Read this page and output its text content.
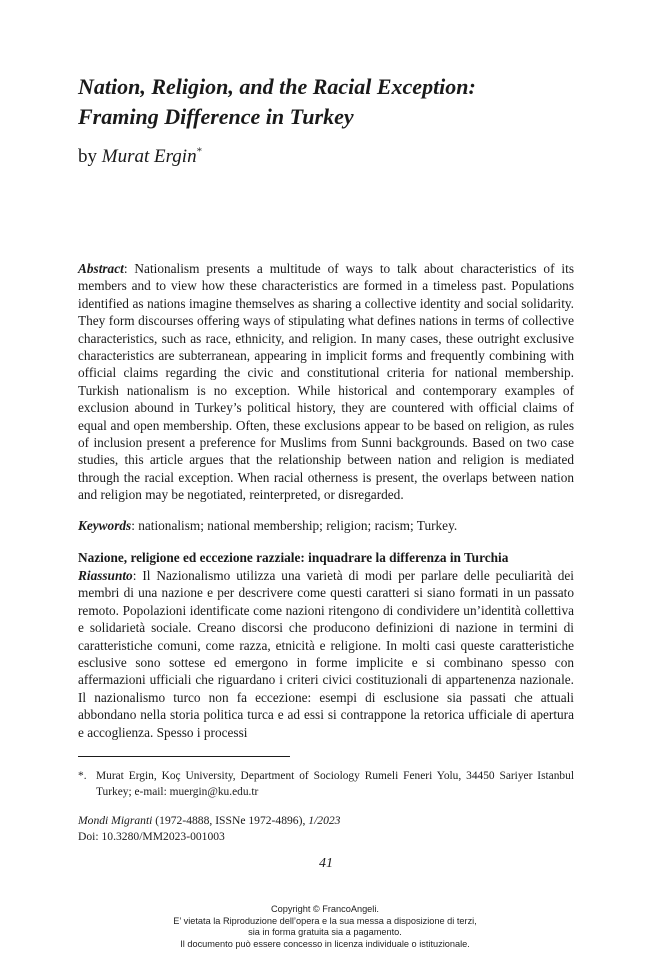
Nation, Religion, and the Racial Exception:
Framing Difference in Turkey
by Murat Ergin*

Abstract: Nationalism presents a multitude of ways to talk about characteristics of its members and to view how these characteristics are formed in a timeless past. Populations identified as nations imagine themselves as sharing a collective identity and social solidarity. They form discourses offering ways of stipulating what defines nations in terms of collective characteristics, such as race, ethnicity, and religion. In many cases, these outright exclusive characteristics are subterranean, appearing in implicit forms and frequently combining with official claims regarding the civic and constitutional criteria for national membership. Turkish nationalism is no exception. While historical and contemporary examples of exclusion abound in Turkey’s political history, they are countered with official claims of equal and open membership. Often, these exclusions appear to be based on religion, as rules of inclusion present a preference for Muslims from Sunni backgrounds. Based on two case studies, this article argues that the relationship between nation and religion is mediated through the racial exception. When racial otherness is present, the overlaps between nation and religion may be negotiated, reinterpreted, or disregarded.

Keywords: nationalism; national membership; religion; racism; Turkey.

Nazione, religione ed eccezione razziale: inquadrare la differenza in Turchia

Riassunto: Il Nazionalismo utilizza una varietà di modi per parlare delle peculiarità dei membri di una nazione e per descrivere come questi caratteri si siano formati in un passato remoto. Popolazioni identificate come nazioni ritengono di condividere un’identità collettiva e solidarietà sociale. Creano discorsi che producono definizioni di nazione in termini di caratteristiche comuni, come razza, etnicità e religione. In molti casi queste caratteristiche esclusive sono sottese ed emergono in forme implicite e si combinano spesso con affermazioni ufficiali che riguardano i criteri civici costituzionali di appartenenza nazionale. Il nazionalismo turco non fa eccezione: esempi di esclusione sia passati che attuali abbondano nella storia politica turca e ad essi si contrappone la retorica ufficiale di apertura e accoglienza. Spesso i processi

*. Murat Ergin, Koç University, Department of Sociology Rumeli Feneri Yolu, 34450 Sariyer Istanbul Turkey; e-mail: muergin@ku.edu.tr

Mondi Migranti (1972-4888, ISSNe 1972-4896), 1/2023
Doi: 10.3280/MM2023-001003
41
Copyright © FrancoAngeli.
E’ vietata la Riproduzione dell’opera e la sua messa a disposizione di terzi,
sia in forma gratuita sia a pagamento.
Il documento può essere concesso in licenza individuale o istituzionale.
